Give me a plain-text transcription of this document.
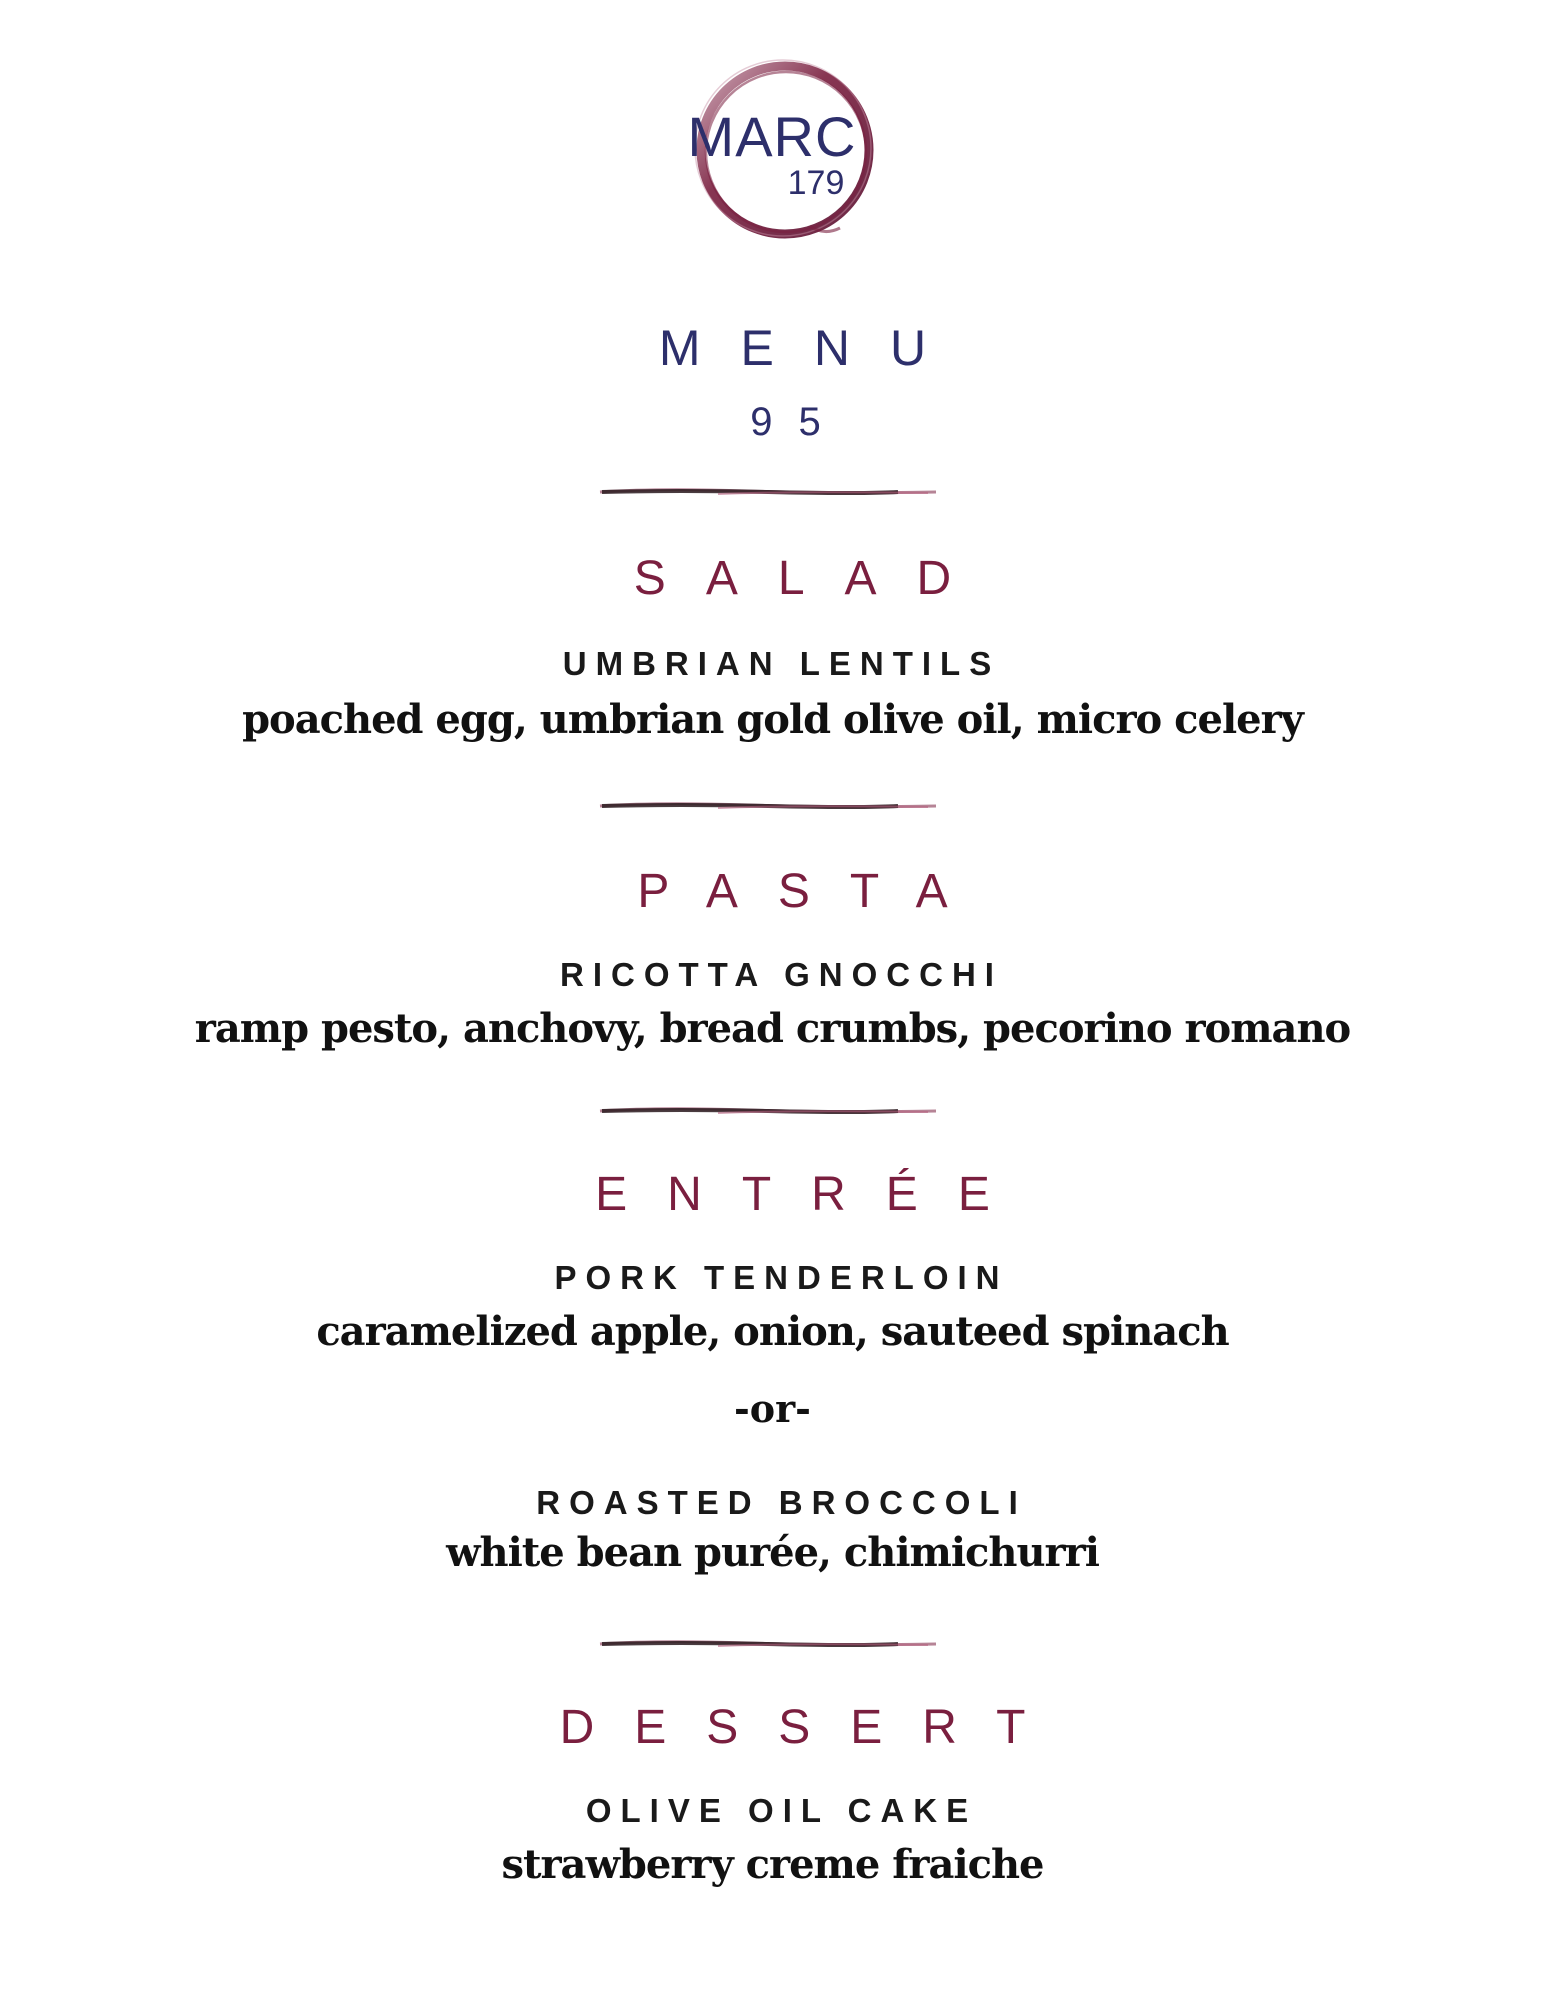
MARC
179
MENU
95
SALAD
UMBRIAN LENTILS
poached egg, umbrian gold olive oil, micro celery
PASTA
RICOTTA GNOCCHI
ramp pesto, anchovy, bread crumbs, pecorino romano
ENTRÉE
PORK TENDERLOIN
caramelized apple, onion, sauteed spinach
-or-
ROASTED BROCCOLI
white bean purée, chimichurri
DESSERT
OLIVE OIL CAKE
strawberry creme fraiche
